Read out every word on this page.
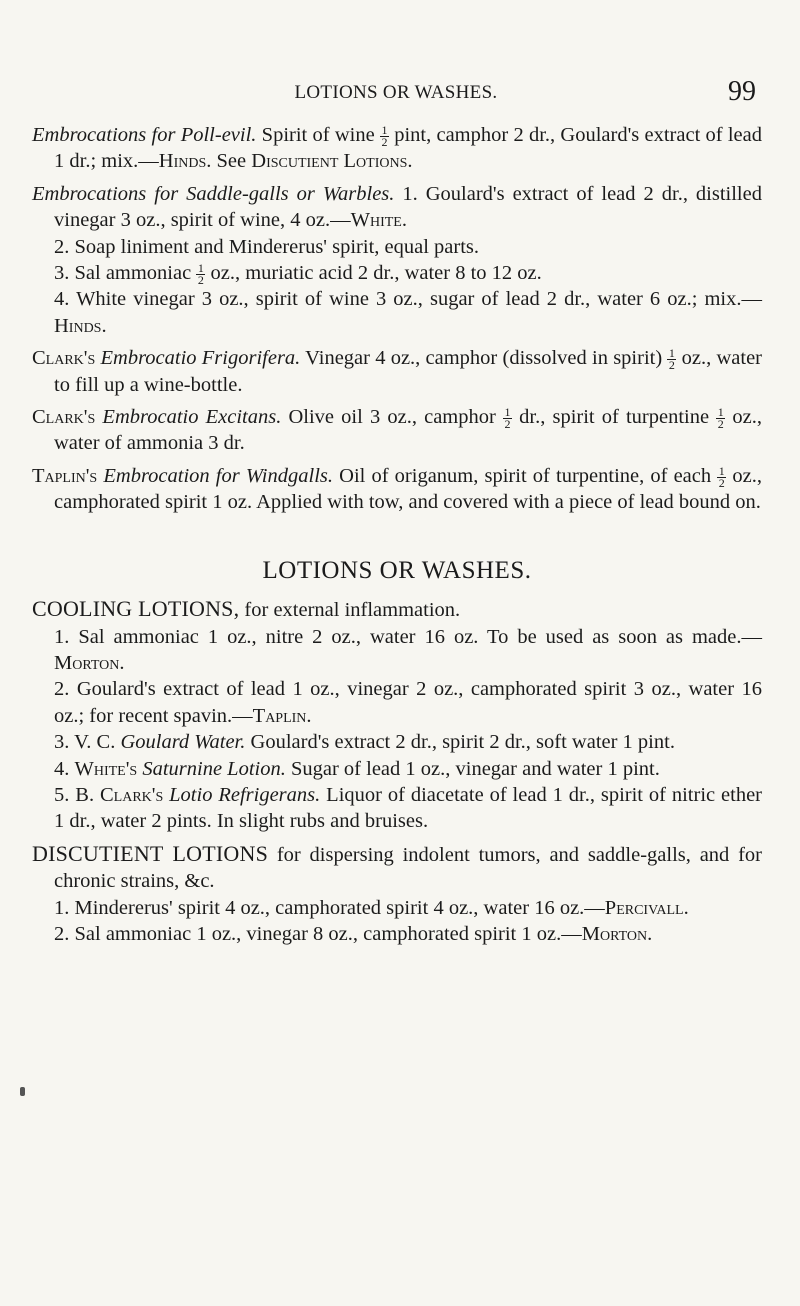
LOTIONS OR WASHES.	99

Embrocations for Poll-evil. Spirit of wine $\frac{1}{2}$ pint, camphor 2 dr., Goulard's extract of lead 1 dr.; mix.—Hinds. See Discutient Lotions.

Embrocations for Saddle-galls or Warbles. 1. Goulard's extract of lead 2 dr., distilled vinegar 3 oz., spirit of wine, 4 oz.—White.

2. Soap liniment and Mindererus' spirit, equal parts.

3. Sal ammoniac $\frac{1}{2}$ oz., muriatic acid 2 dr., water 8 to 12 oz.

4. White vinegar 3 oz., spirit of wine 3 oz., sugar of lead 2 dr., water 6 oz.; mix.—Hinds.

Clark's Embrocatio Frigorifera. Vinegar 4 oz., camphor (dissolved in spirit) $\frac{1}{2}$ oz., water to fill up a wine-bottle.

Clark's Embrocatio Excitans. Olive oil 3 oz., camphor $\frac{1}{2}$ dr., spirit of turpentine $\frac{1}{2}$ oz., water of ammonia 3 dr.

Taplin's Embrocation for Windgalls. Oil of origanum, spirit of turpentine, of each $\frac{1}{2}$ oz., camphorated spirit 1 oz. Applied with tow, and covered with a piece of lead bound on.

LOTIONS OR WASHES.

COOLING LOTIONS, for external inflammation.

1. Sal ammoniac 1 oz., nitre 2 oz., water 16 oz. To be used as soon as made.—Morton.

2. Goulard's extract of lead 1 oz., vinegar 2 oz., camphorated spirit 3 oz., water 16 oz.; for recent spavin.—Taplin.

3. V. C. Goulard Water. Goulard's extract 2 dr., spirit 2 dr., soft water 1 pint.

4. White's Saturnine Lotion. Sugar of lead 1 oz., vinegar and water 1 pint.

5. B. Clark's Lotio Refrigerans. Liquor of diacetate of lead 1 dr., spirit of nitric ether 1 dr., water 2 pints. In slight rubs and bruises.

DISCUTIENT LOTIONS for dispersing indolent tumors, and saddle-galls, and for chronic strains, &c.

1. Mindererus' spirit 4 oz., camphorated spirit 4 oz., water 16 oz.—Percivall.

2. Sal ammoniac 1 oz., vinegar 8 oz., camphorated spirit 1 oz.—Morton.
